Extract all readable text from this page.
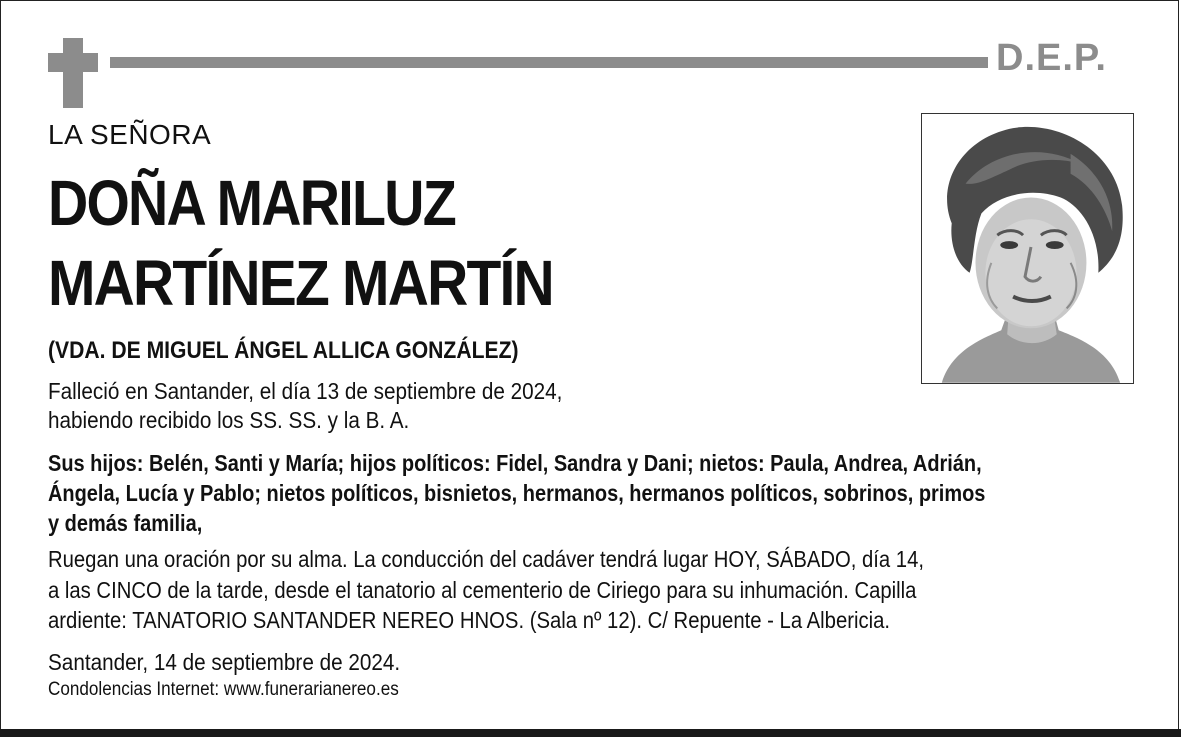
D.E.P.
LA SEÑORA
DOÑA MARILUZ
MARTÍNEZ MARTÍN
(VDA. DE MIGUEL ÁNGEL ALLICA GONZÁLEZ)
Falleció en Santander, el día 13 de septiembre de 2024,
habiendo recibido los SS. SS. y la B. A.
Sus hijos: Belén, Santi y María; hijos políticos: Fidel, Sandra y Dani; nietos: Paula, Andrea, Adrián,
Ángela, Lucía y Pablo; nietos políticos, bisnietos, hermanos, hermanos políticos, sobrinos, primos
y demás familia,
Ruegan una oración por su alma. La conducción del cadáver tendrá lugar HOY, SÁBADO, día 14,
a las CINCO de la tarde, desde el tanatorio al cementerio de Ciriego para su inhumación. Capilla
ardiente: TANATORIO SANTANDER NEREO HNOS. (Sala nº 12). C/ Repuente - La Albericia.
Santander, 14 de septiembre de 2024.
Condolencias Internet: www.funerarianereo.es
